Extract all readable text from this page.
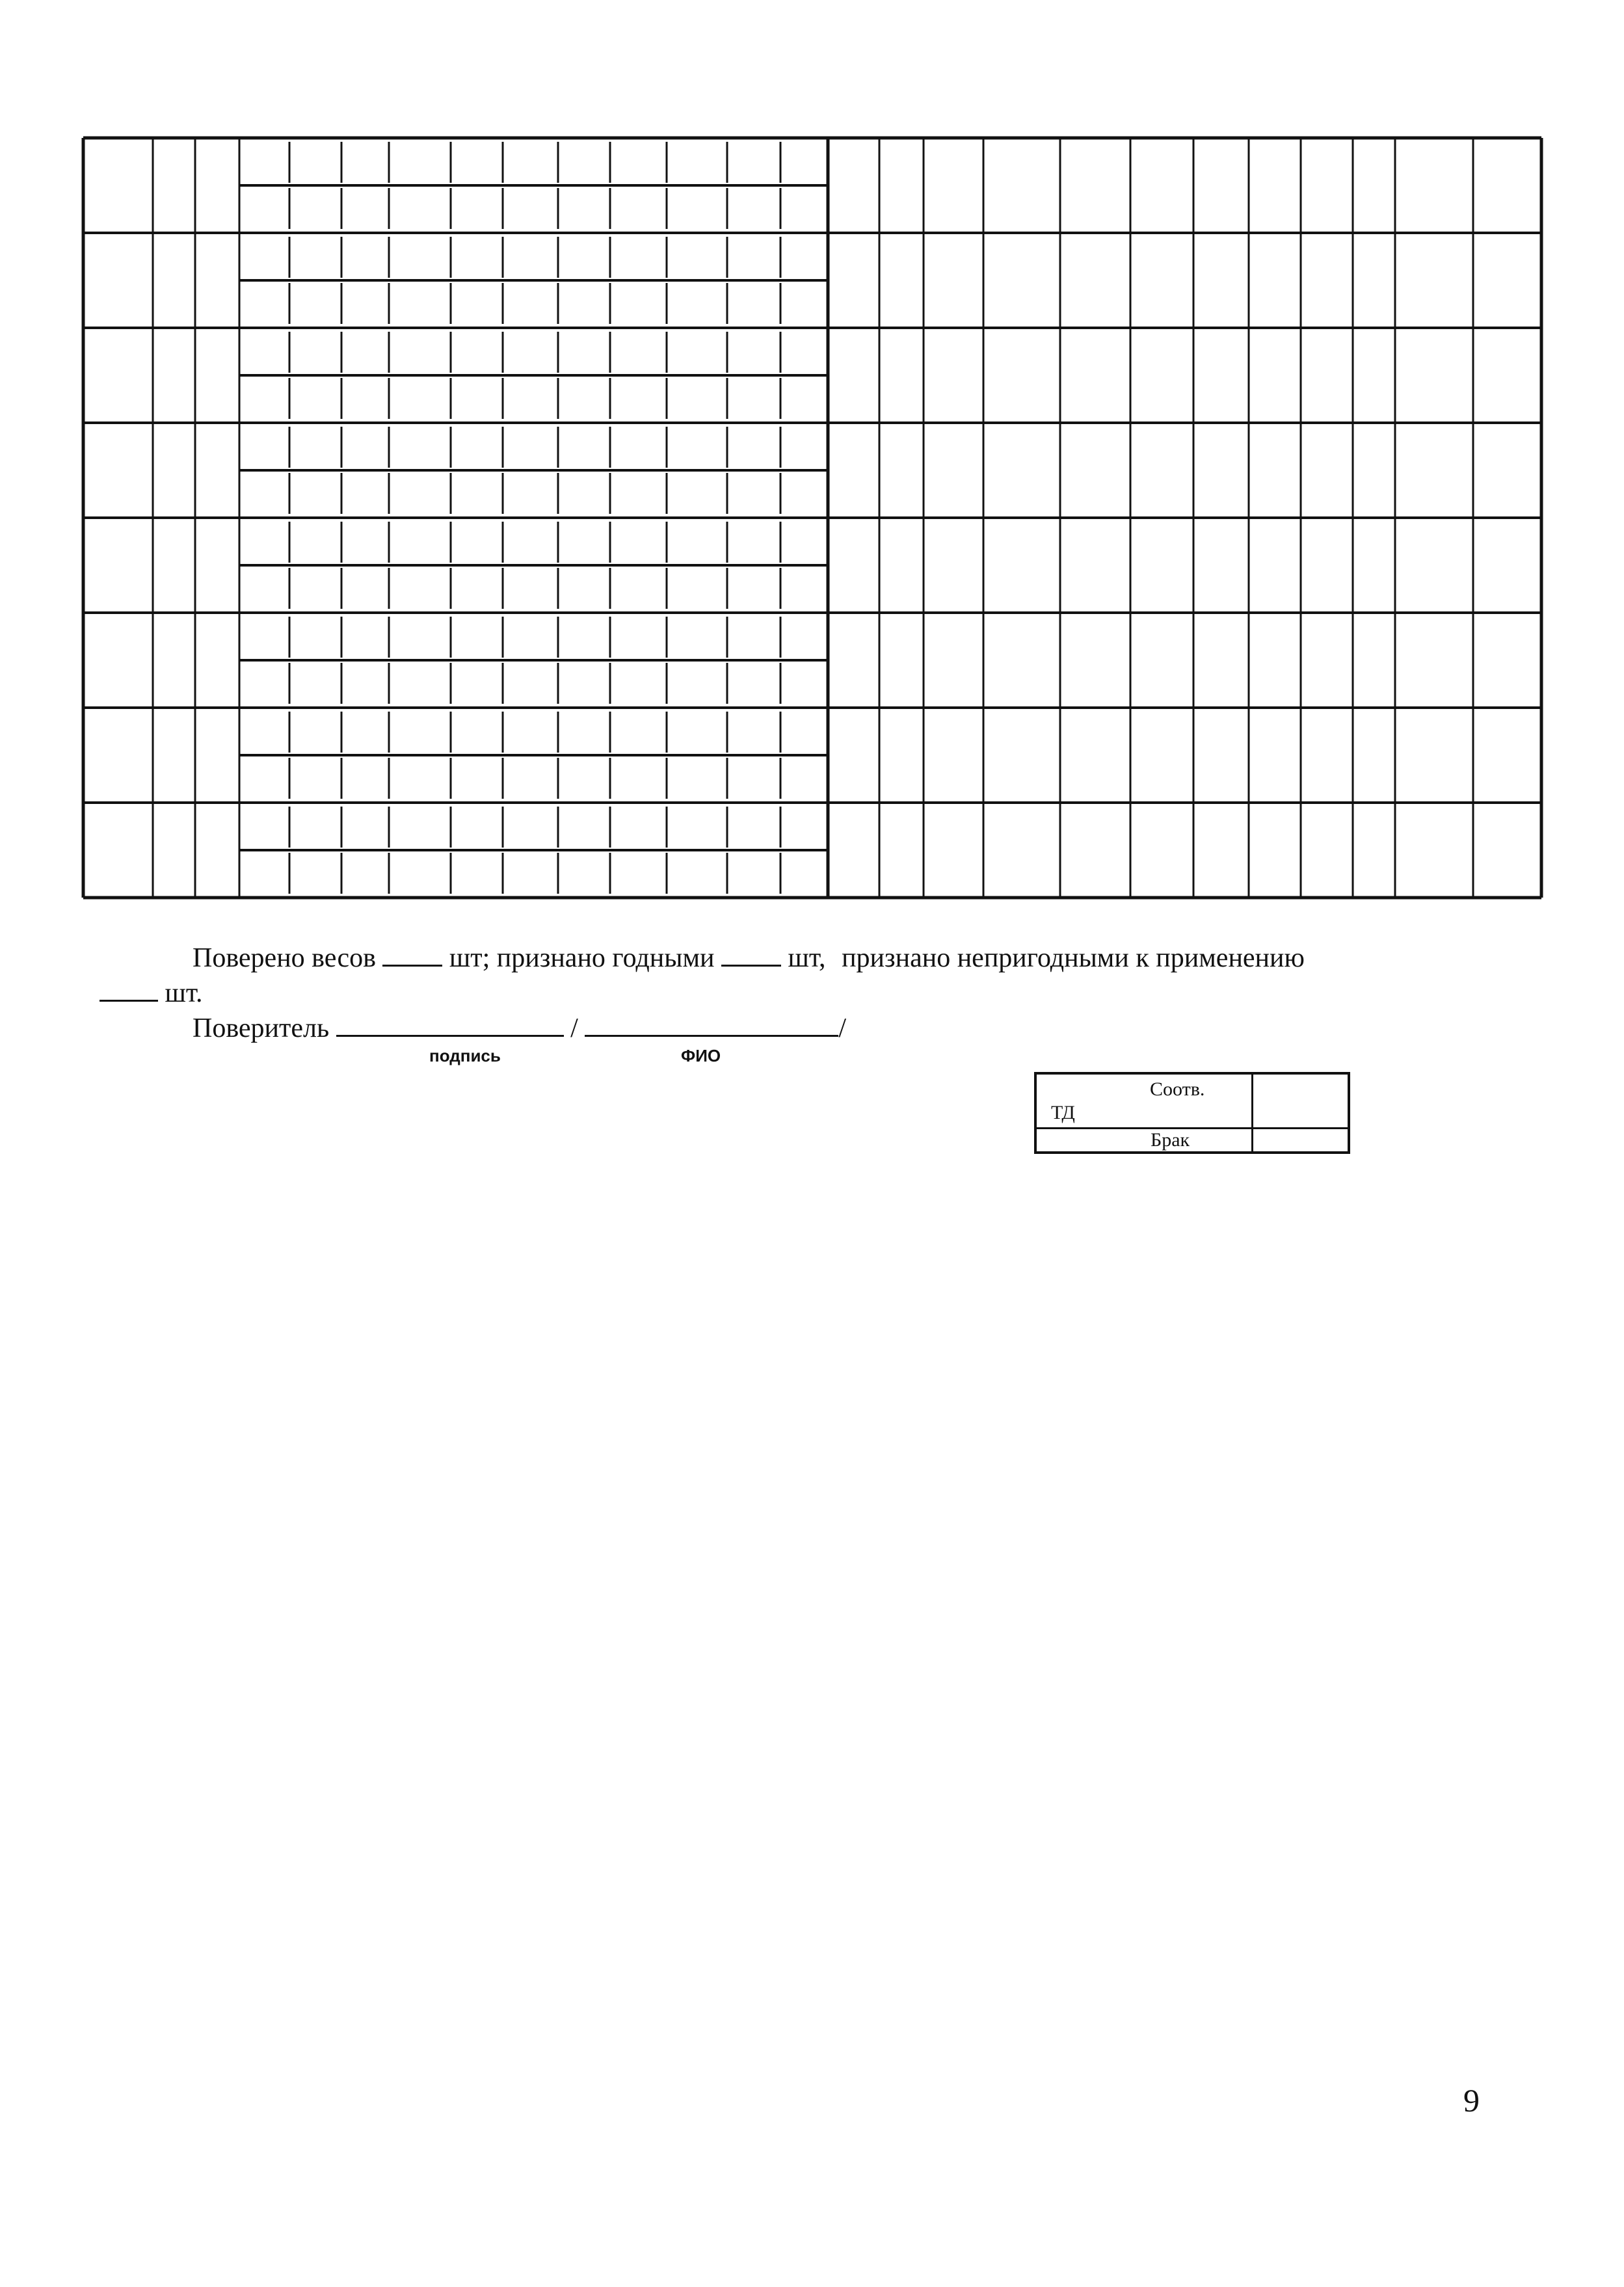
Поверено весов	шт; признано годными	шт, признано непригодными к применению
шт.
Поверитель	/	/
подпись	ФИО
Соотв.
ТД
Брак
9
